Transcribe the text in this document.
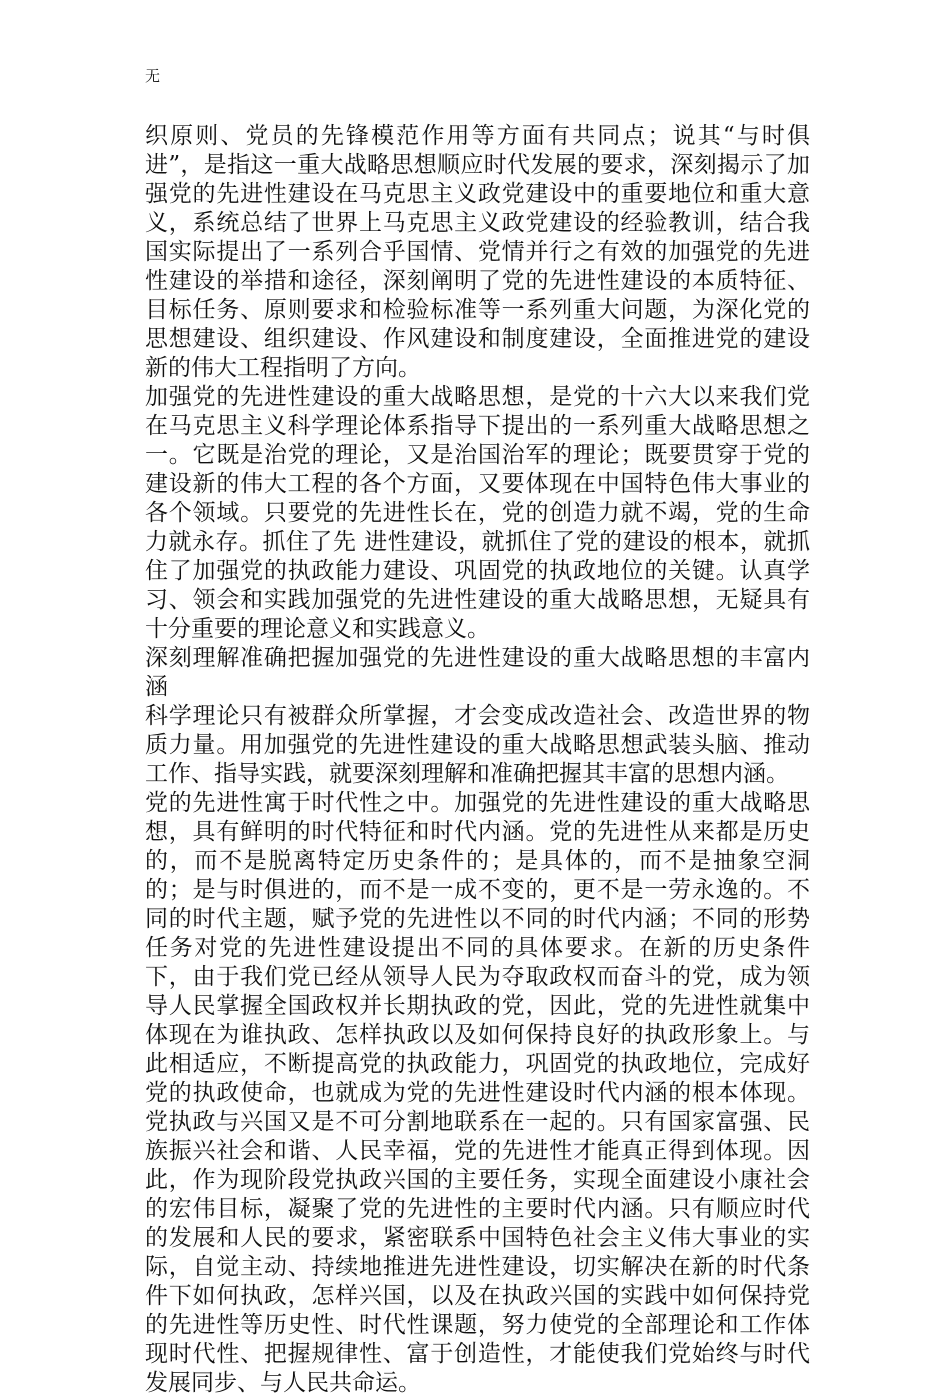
无

织原则、党员的先锋模范作用等方面有共同点；说其“与时俱进”，是指这一重大战略思想顺应时代发展的要求，深刻揭示了加强党的先进性建设在马克思主义政党建设中的重要地位和重大意义，系统总结了世界上马克思主义政党建设的经验教训，结合我国实际提出了一系列合乎国情、党情并行之有效的加强党的先进性建设的举措和途径，深刻阐明了党的先进性建设的本质特征、目标任务、原则要求和检验标准等一系列重大问题，为深化党的思想建设、组织建设、作风建设和制度建设，全面推进党的建设新的伟大工程指明了方向。

加强党的先进性建设的重大战略思想，是党的十六大以来我们党在马克思主义科学理论体系指导下提出的一系列重大战略思想之一。它既是治党的理论，又是治国治军的理论；既要贯穿于党的建设新的伟大工程的各个方面，又要体现在中国特色伟大事业的各个领域。只要党的先进性长在，党的创造力就不竭，党的生命力就永存。抓住了先 进性建设，就抓住了党的建设的根本，就抓住了加强党的执政能力建设、巩固党的执政地位的关键。认真学习、领会和实践加强党的先进性建设的重大战略思想，无疑具有十分重要的理论意义和实践意义。

深刻理解准确把握加强党的先进性建设的重大战略思想的丰富内涵

科学理论只有被群众所掌握，才会变成改造社会、改造世界的物质力量。用加强党的先进性建设的重大战略思想武装头脑、推动工作、指导实践，就要深刻理解和准确把握其丰富的思想内涵。

党的先进性寓于时代性之中。加强党的先进性建设的重大战略思想，具有鲜明的时代特征和时代内涵。党的先进性从来都是历史的，而不是脱离特定历史条件的；是具体的，而不是抽象空洞的；是与时俱进的，而不是一成不变的，更不是一劳永逸的。不同的时代主题，赋予党的先进性以不同的时代内涵；不同的形势任务对党的先进性建设提出不同的具体要求。在新的历史条件下，由于我们党已经从领导人民为夺取政权而奋斗的党，成为领导人民掌握全国政权并长期执政的党，因此，党的先进性就集中体现在为谁执政、怎样执政以及如何保持良好的执政形象上。与此相适应，不断提高党的执政能力，巩固党的执政地位，完成好党的执政使命，也就成为党的先进性建设时代内涵的根本体现。党执政与兴国又是不可分割地联系在一起的。只有国家富强、民族振兴社会和谐、人民幸福，党的先进性才能真正得到体现。因此，作为现阶段党执政兴国的主要任务，实现全面建设小康社会的宏伟目标，凝聚了党的先进性的主要时代内涵。只有顺应时代的发展和人民的要求，紧密联系中国特色社会主义伟大事业的实际，自觉主动、持续地推进先进性建设，切实解决在新的时代条件下如何执政，怎样兴国，以及在执政兴国的实践中如何保持党的先进性等历史性、时代性课题，努力使党的全部理论和工作体现时代性、把握规律性、富于创造性，才能使我们党始终与时代发展同步、与人民共命运。
